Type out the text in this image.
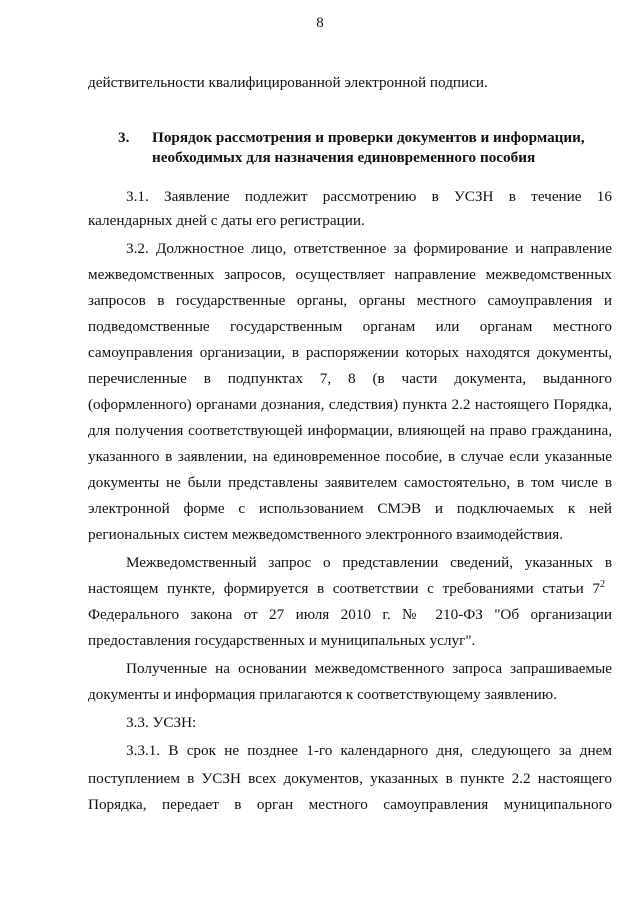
8
действительности квалифицированной электронной подписи.
3. Порядок рассмотрения и проверки документов и информации,
необходимых для назначения единовременного пособия
3.1. Заявление подлежит рассмотрению в УСЗН в течение 16
календарных дней с даты его регистрации.
3.2. Должностное лицо, ответственное за формирование и направление
межведомственных запросов, осуществляет направление межведомственных
запросов в государственные органы, органы местного самоуправления и
подведомственные государственным органам или органам местного
самоуправления организации, в распоряжении которых находятся документы,
перечисленные в подпунктах 7, 8 (в части документа, выданного
(оформленного) органами дознания, следствия) пункта 2.2 настоящего Порядка,
для получения соответствующей информации, влияющей на право гражданина,
указанного в заявлении, на единовременное пособие, в случае если указанные
документы не были представлены заявителем самостоятельно, в том числе в
электронной форме с использованием СМЭВ и подключаемых к ней
региональных систем межведомственного электронного взаимодействия.
Межведомственный запрос о представлении сведений, указанных в
настоящем пункте, формируется в соответствии с требованиями статьи $7^2$
Федерального закона от 27 июля 2010 г. № 210-ФЗ "Об организации
предоставления государственных и муниципальных услуг".
Полученные на основании межведомственного запроса запрашиваемые
документы и информация прилагаются к соответствующему заявлению.
3.3. УСЗН:
3.3.1. В срок не позднее 1-го календарного дня, следующего за днем
поступлением в УСЗН всех документов, указанных в пункте 2.2 настоящего
Порядка, передает в орган местного самоуправления муниципального
